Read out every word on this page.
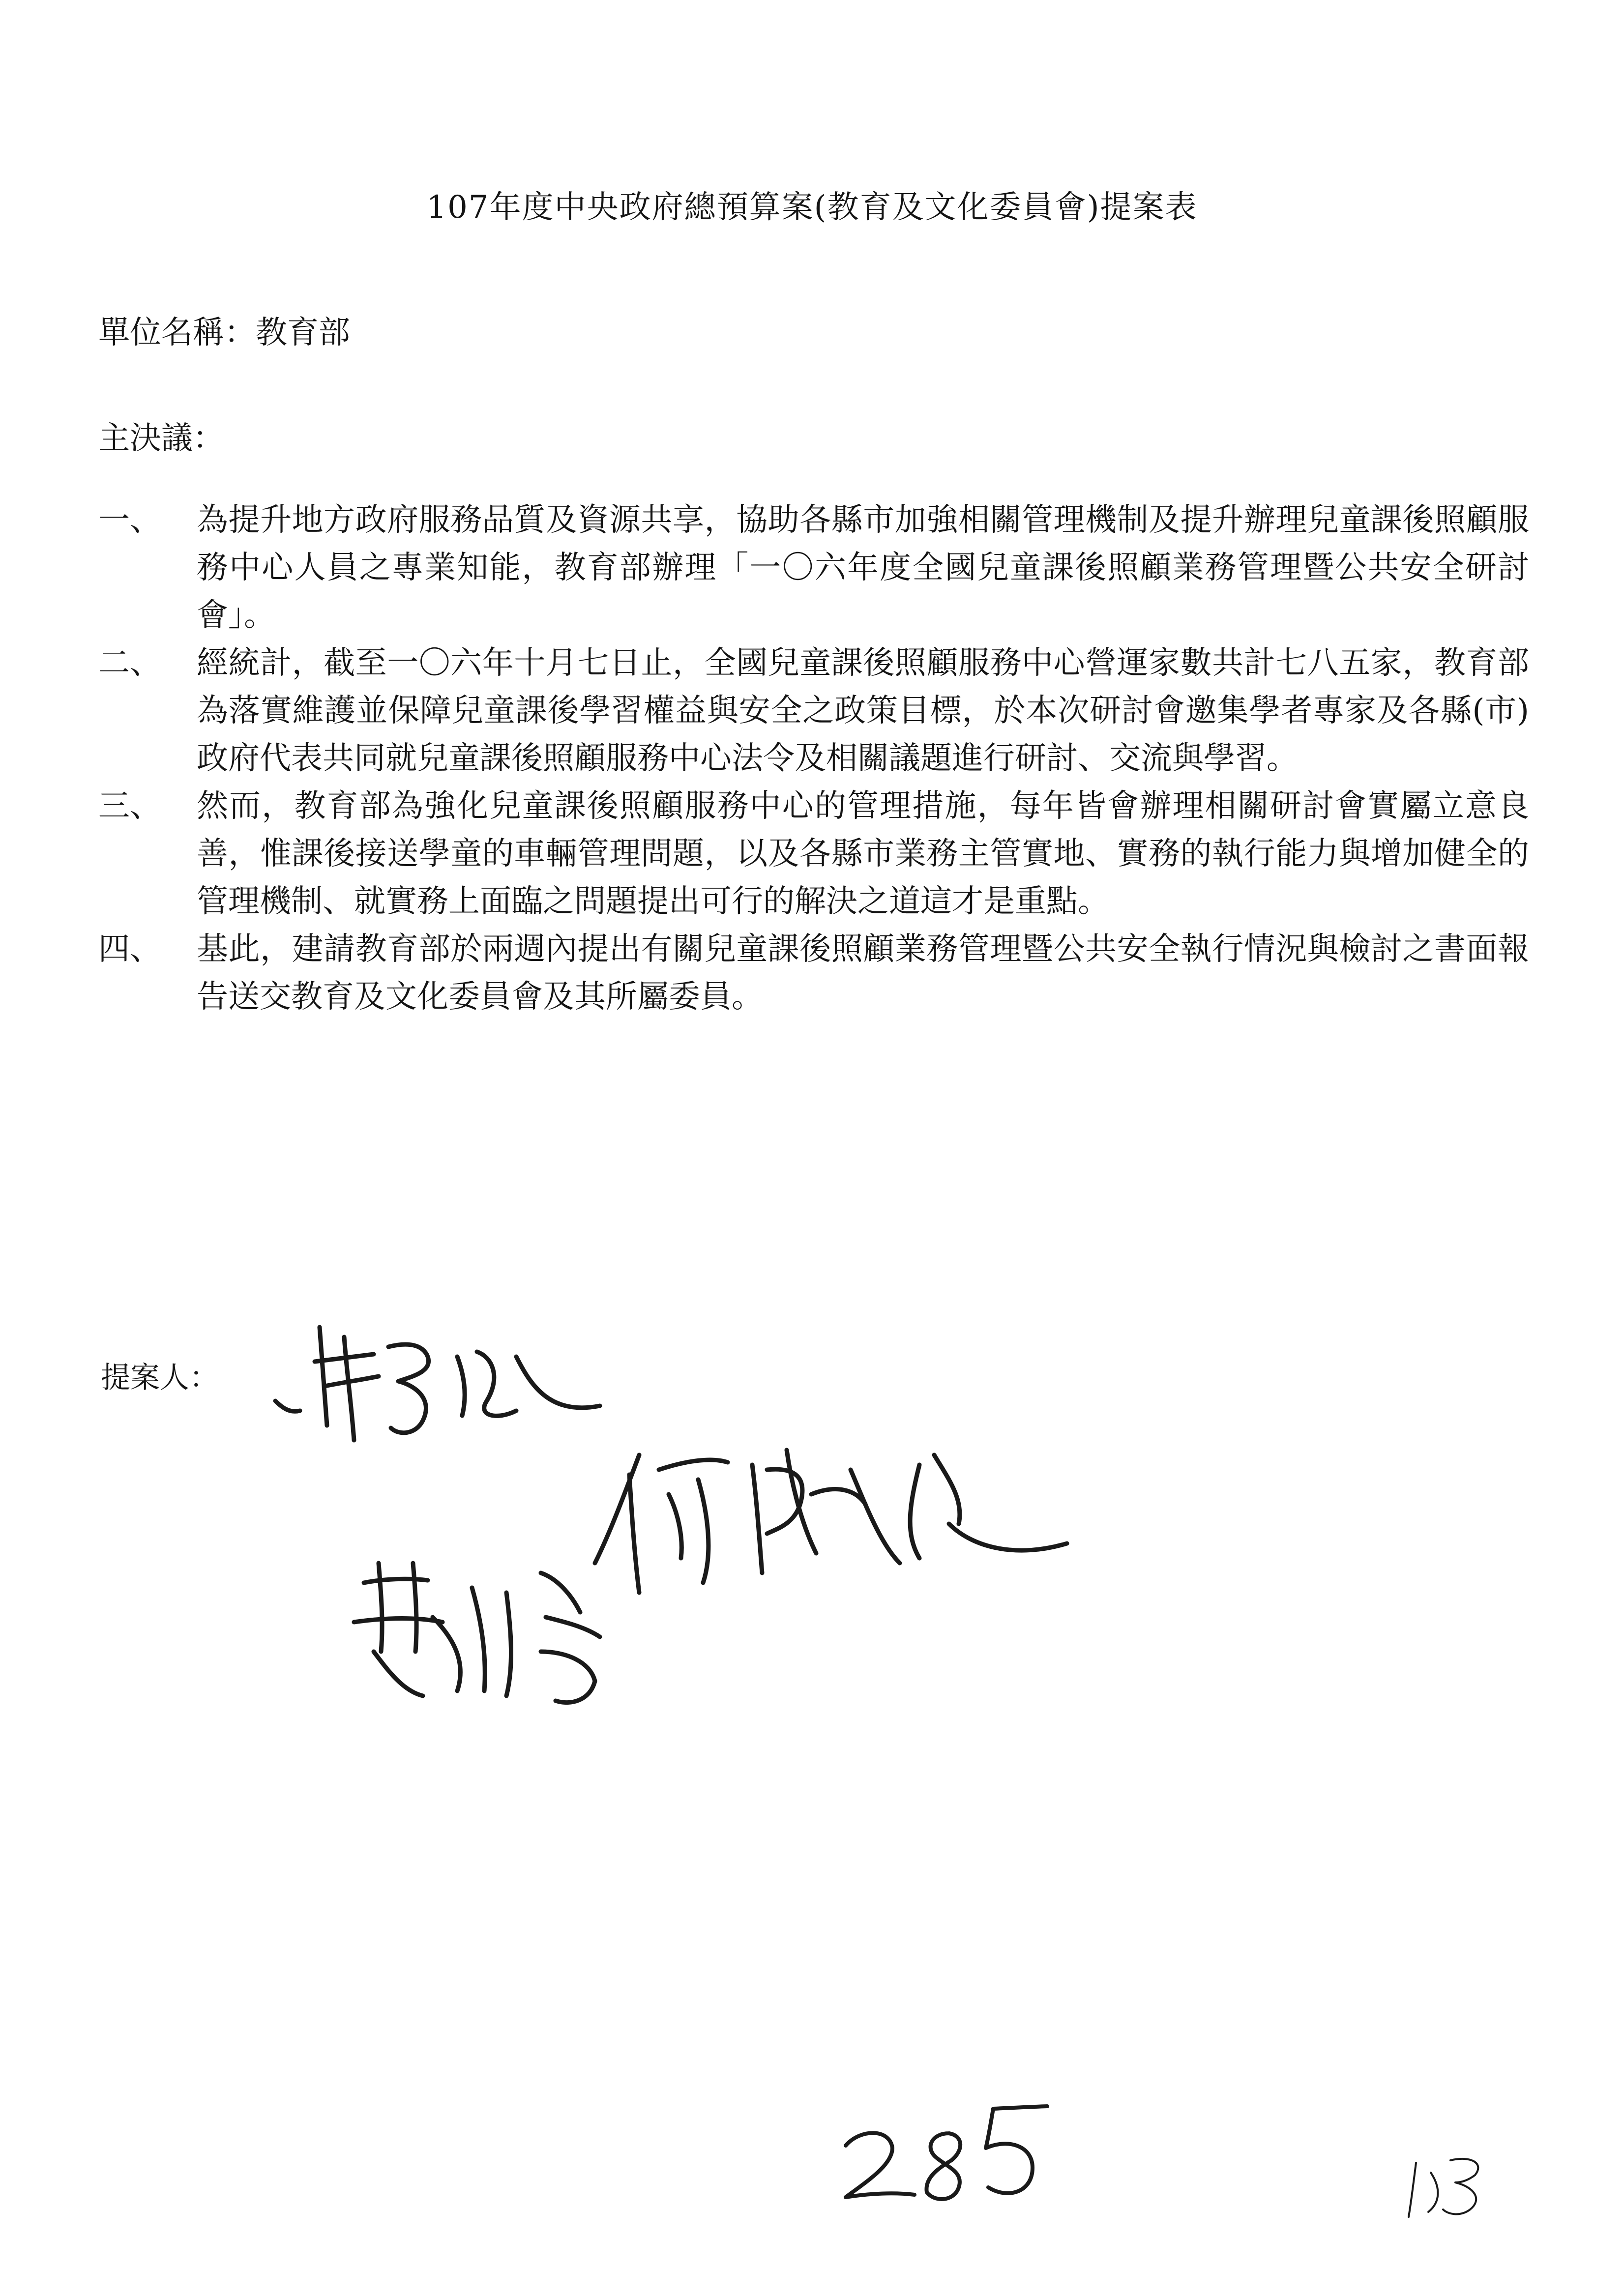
107年度中央政府總預算案(教育及文化委員會)提案表
單位名稱：教育部
主決議：
一、	為提升地方政府服務品質及資源共享，協助各縣市加強相關管理機制及提升辦理兒童課後照顧服務中心人員之專業知能，教育部辦理「一〇六年度全國兒童課後照顧業務管理暨公共安全研討會」。
二、	經統計，截至一〇六年十月七日止，全國兒童課後照顧服務中心營運家數共計七八五家，教育部為落實維護並保障兒童課後學習權益與安全之政策目標，於本次研討會邀集學者專家及各縣(市)政府代表共同就兒童課後照顧服務中心法令及相關議題進行研討、交流與學習。
三、	然而，教育部為強化兒童課後照顧服務中心的管理措施，每年皆會辦理相關研討會實屬立意良善，惟課後接送學童的車輛管理問題，以及各縣市業務主管實地、實務的執行能力與增加健全的管理機制、就實務上面臨之問題提出可行的解決之道這才是重點。
四、	基此，建請教育部於兩週內提出有關兒童課後照顧業務管理暨公共安全執行情況與檢討之書面報告送交教育及文化委員會及其所屬委員。
提案人：
